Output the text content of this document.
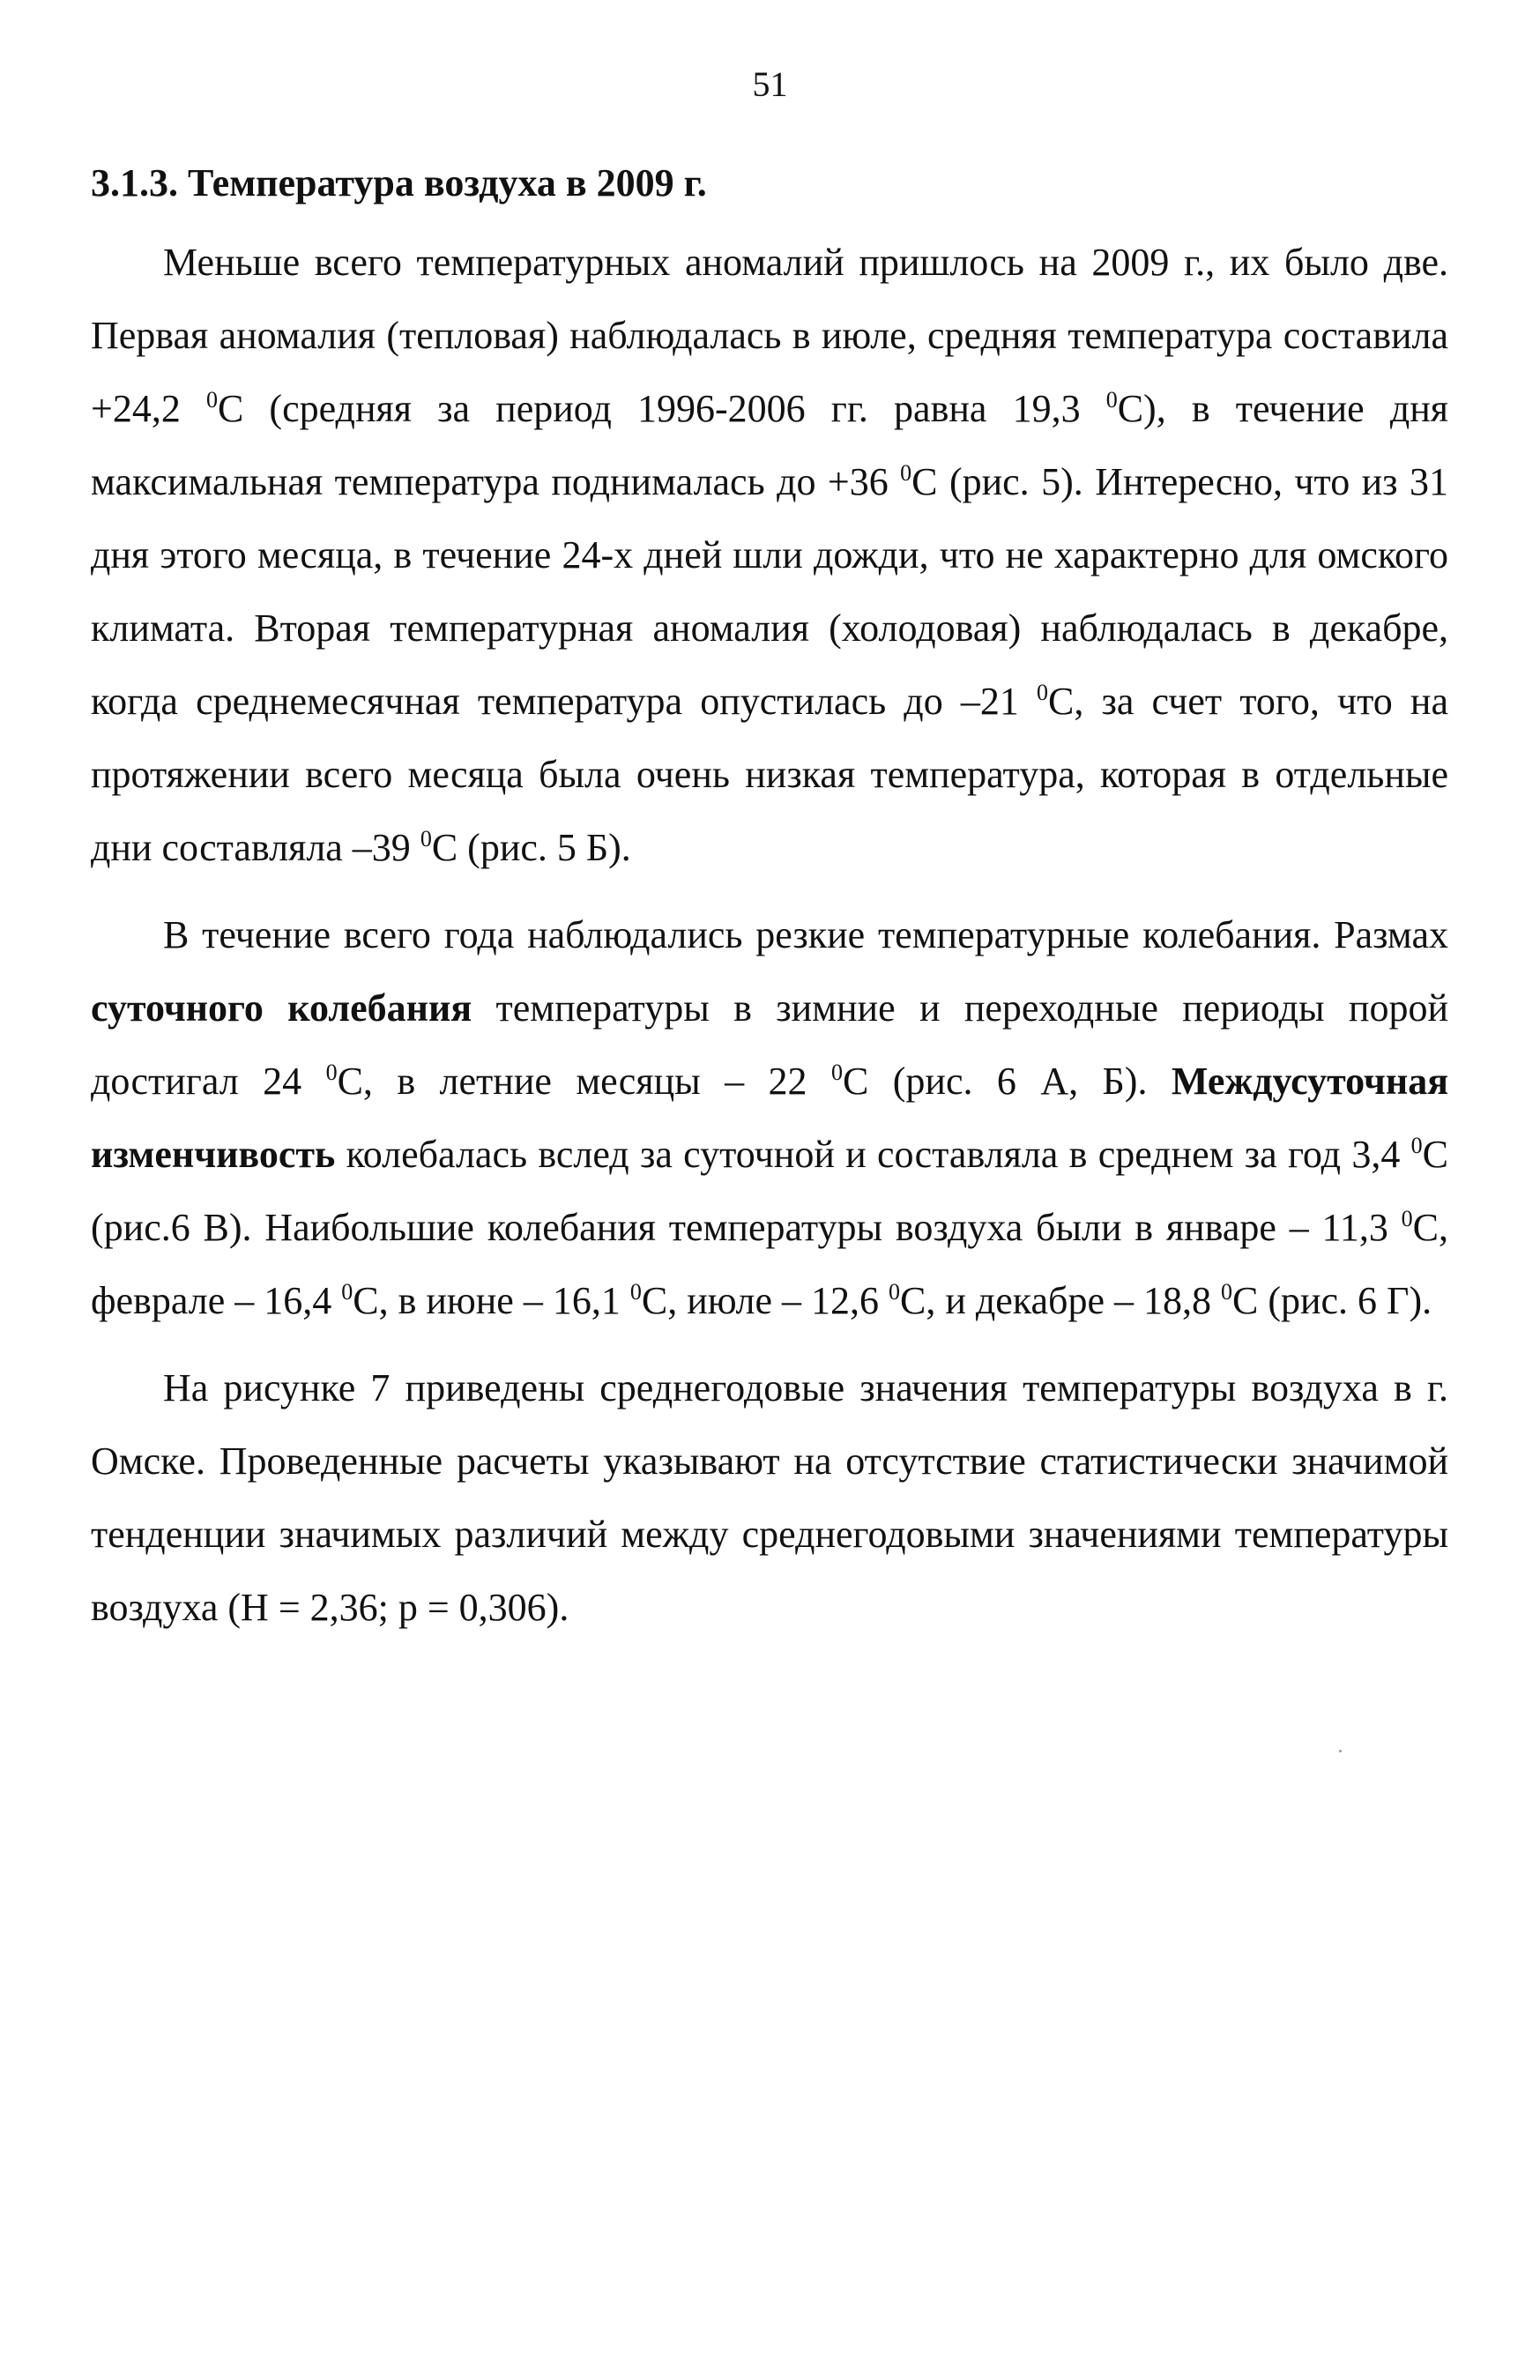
51
3.1.3. Температура воздуха в 2009 г.

Меньше всего температурных аномалий пришлось на 2009 г., их было две. Первая аномалия (тепловая) наблюдалась в июле, средняя температура составила +24,2 $^0$С (средняя за период 1996-2006 гг. равна 19,3 $^0$С), в течение дня максимальная температура поднималась до +36 $^0$С (рис. 5). Интересно, что из 31 дня этого месяца, в течение 24-х дней шли дожди, что не характерно для омского климата. Вторая температурная аномалия (холодовая) наблюдалась в декабре, когда среднемесячная температура опустилась до –21 $^0$С, за счет того, что на протяжении всего месяца была очень низкая температура, которая в отдельные дни составляла –39 $^0$С (рис. 5 Б).

В течение всего года наблюдались резкие температурные колебания. Размах суточного колебания температуры в зимние и переходные периоды порой достигал 24 $^0$С, в летние месяцы – 22 $^0$С (рис. 6 А, Б). Междусуточная изменчивость колебалась вслед за суточной и составляла в среднем за год 3,4 $^0$С (рис.6 В). Наибольшие колебания температуры воздуха были в январе – 11,3 $^0$С, феврале – 16,4 $^0$С, в июне – 16,1 $^0$С, июле – 12,6 $^0$С, и декабре – 18,8 $^0$С (рис. 6 Г).

На рисунке 7 приведены среднегодовые значения температуры воздуха в г. Омске. Проведенные расчеты указывают на отсутствие статистически значимой тенденции значимых различий между среднегодовыми значениями температуры воздуха (Н = 2,36; р = 0,306).
